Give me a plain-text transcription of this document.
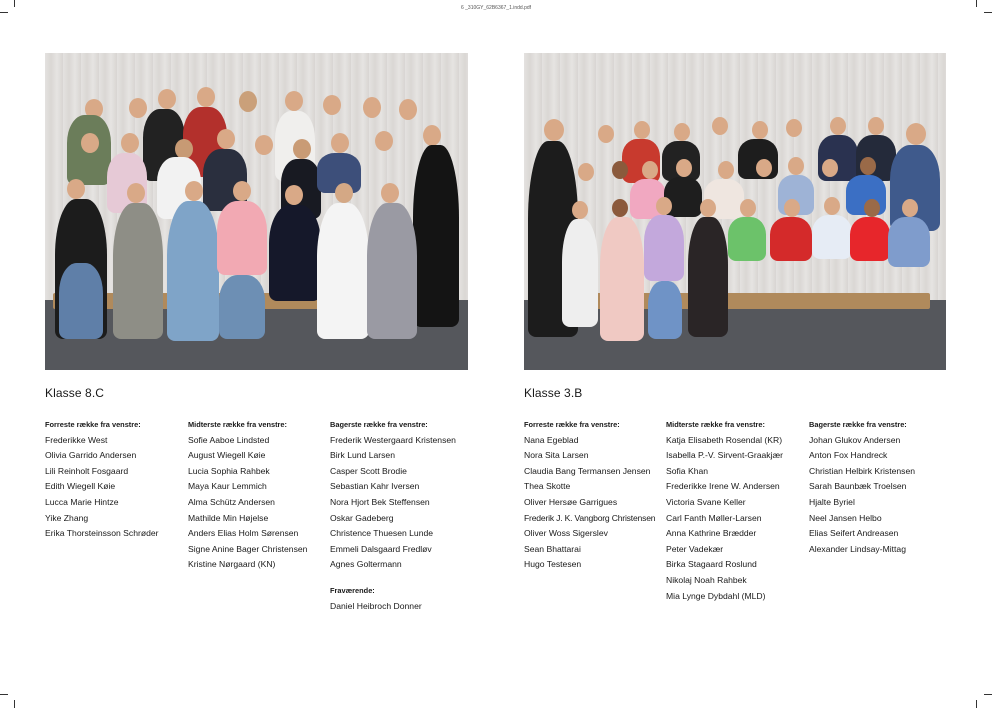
6 _310GY_62B6367_1.indd.pdf
Klasse 8.C
Forreste række fra venstre:
Frederikke West
Olivia Garrido Andersen
Lili Reinholt Fosgaard
Edith Wiegell Køie
Lucca Marie Hintze
Yike Zhang
Erika Thorsteinsson Schrøder
Midterste række fra venstre:
Sofie Aaboe Lindsted
August Wiegell Køie
Lucia Sophia Rahbek
Maya Kaur Lemmich
Alma Schütz Andersen
Mathilde Min Højelse
Anders Elias Holm Sørensen
Signe Anine Bager Christensen
Kristine Nørgaard (KN)
Bagerste række fra venstre:
Frederik Westergaard Kristensen
Birk Lund Larsen
Casper Scott Brodie
Sebastian Kahr Iversen
Nora Hjort Bek Steffensen
Oskar Gadeberg
Christence Thuesen Lunde
Emmeli Dalsgaard Fredløv
Agnes Goltermann
Fraværende:
Daniel Heibroch Donner
Klasse 3.B
Forreste række fra venstre:
Nana Egeblad
Nora Sita Larsen
Claudia Bang Termansen Jensen
Thea Skotte
Oliver Hersøe Garrigues
Frederik J. K. Vangborg Christensen
Oliver Woss Sigerslev
Sean Bhattarai
Hugo Testesen
Midterste række fra venstre:
Katja Elisabeth Rosendal (KR)
Isabella P.-V. Sirvent-Graakjær
Sofia Khan
Frederikke Irene W. Andersen
Victoria Svane Keller
Carl Fanth Møller-Larsen
Anna Kathrine Brædder
Peter Vadekær
Birka Stagaard Roslund
Nikolaj Noah Rahbek
Mia Lynge Dybdahl (MLD)
Bagerste række fra venstre:
Johan Glukov Andersen
Anton Fox Handreck
Christian Helbirk Kristensen
Sarah Baunbæk Troelsen
Hjalte Byriel
Neel Jansen Helbo
Elias Seifert Andreasen
Alexander Lindsay-Mittag
